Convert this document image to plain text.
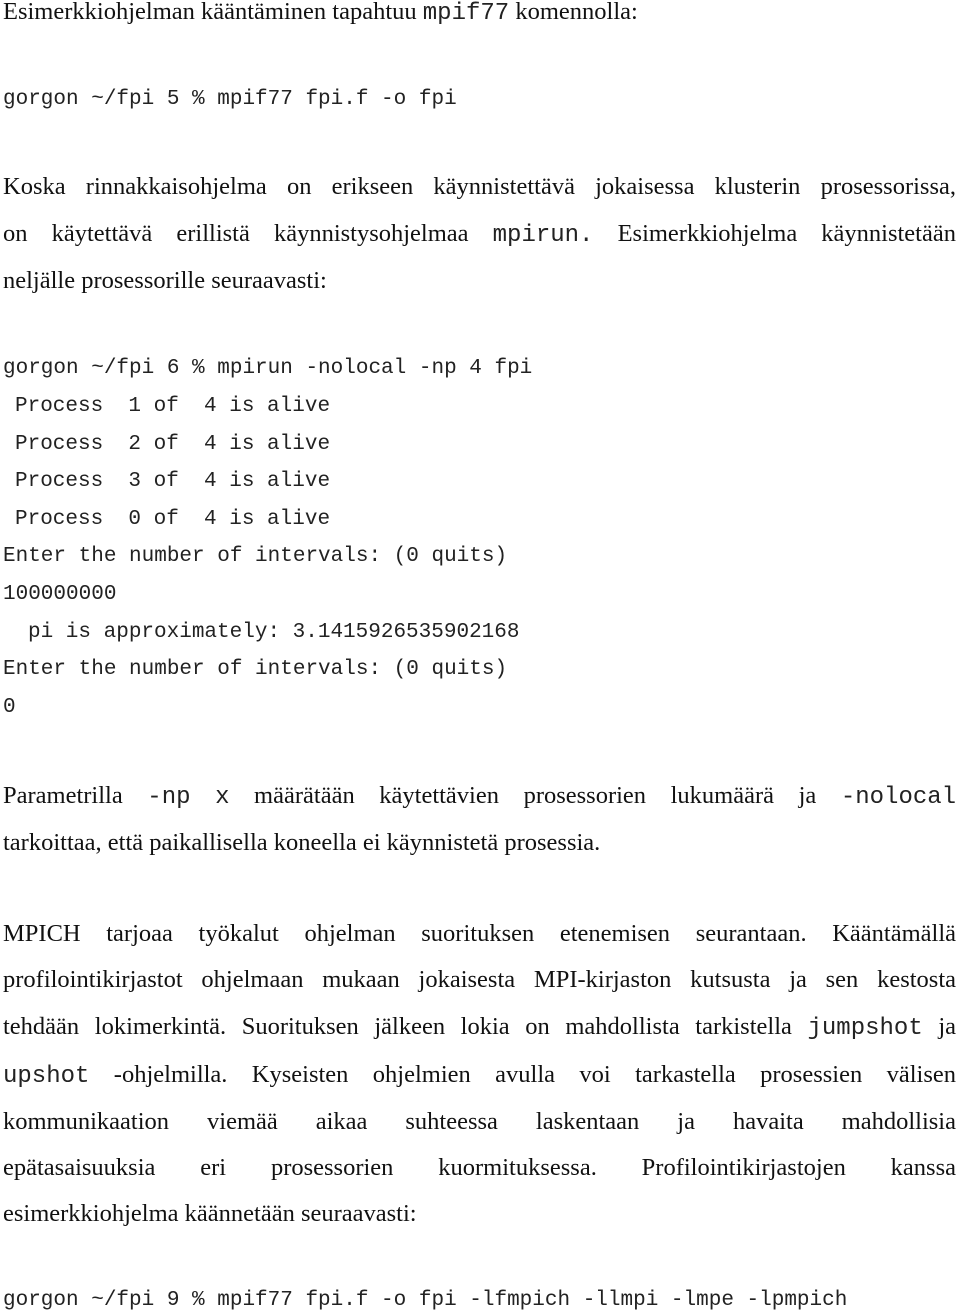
Esimerkkiohjelman kääntäminen tapahtuu mpif77 komennolla:
gorgon ~/fpi 5 % mpif77 fpi.f -o fpi
Koska rinnakkaisohjelma on erikseen käynnistettävä jokaisessa klusterin prosessorissa,
on käytettävä erillistä käynnistysohjelmaa mpirun. Esimerkkiohjelma käynnistetään
neljälle prosessorille seuraavasti:
gorgon ~/fpi 6 % mpirun -nolocal -np 4 fpi
Process  1 of  4 is alive
Process  2 of  4 is alive
Process  3 of  4 is alive
Process  0 of  4 is alive
Enter the number of intervals: (0 quits)
100000000
pi is approximately: 3.1415926535902168
Enter the number of intervals: (0 quits)
0
Parametrilla -np x määrätään käytettävien prosessorien lukumäärä ja -nolocal
tarkoittaa, että paikallisella koneella ei käynnistetä prosessia.
MPICH tarjoaa työkalut ohjelman suorituksen etenemisen seurantaan. Kääntämällä
profilointikirjastot ohjelmaan mukaan jokaisesta MPI-kirjaston kutsusta ja sen kestosta
tehdään lokimerkintä. Suorituksen jälkeen lokia on mahdollista tarkistella jumpshot ja
upshot -ohjelmilla. Kyseisten ohjelmien avulla voi tarkastella prosessien välisen
kommunikaation viemää aikaa suhteessa laskentaan ja havaita mahdollisia
epätasaisuuksia eri prosessorien kuormituksessa. Profilointikirjastojen kanssa
esimerkkiohjelma käännetään seuraavasti:
gorgon ~/fpi 9 % mpif77 fpi.f -o fpi -lfmpich -llmpi -lmpe -lpmpich
